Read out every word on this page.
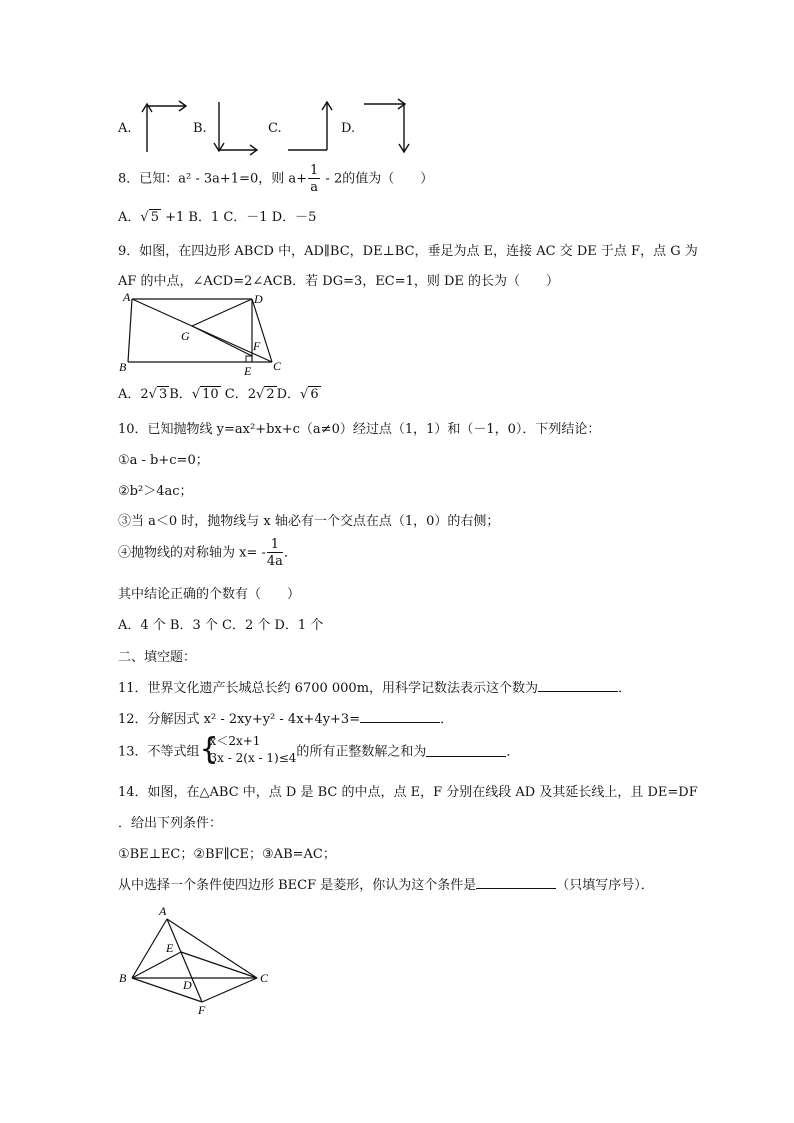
A.	B.	C.	D.
8．已知：a² - 3a+1=0，则 $a+ \frac{1}{a} - 2$的值为（　　）
A．√ 5 +1 B．1 C．－1 D．－5
9．如图，在四边形 ABCD 中，AD∥BC，DE⊥BC，垂足为点 E，连接 AC 交 DE 于点 F，点 G 为
AF 的中点，∠ACD=2∠ACB．若 DG=3，EC=1，则 DE 的长为（　　）
A	D
G
F
B	E C
A．2√ 3 B．√ 10 C．2√ 2 D．√ 6
10．已知抛物线 y=ax²+bx+c（a≠0）经过点（1，1）和（－1，0）．下列结论：
①a - b+c=0；
②b²＞4ac；
③当 a＜0 时，抛物线与 x 轴必有一个交点在点（1，0）的右侧；
④抛物线的对称轴为 $x= - \frac{1}{4a}$ ．
其中结论正确的个数有（　　）
A．4 个 B．3 个 C．2 个 D．1 个
二、填空题：
11．世界文化遗产长城总长约 6700 000m，用科学记数法表示这个数为	．
12．分解因式 x² - 2xy+y² - 4x+4y+3=	．
13．不等式组 {
x＜2x+1
3x - 2(x - 1)≤4 的所有正整数解之和为	．
14．如图，在△ABC 中，点 D 是 BC 的中点，点 E，F 分别在线段 AD 及其延长线上，且 DE=DF
．给出下列条件：
①BE⊥EC；②BF∥CE；③AB=AC；
从中选择一个条件使四边形 BECF 是菱形，你认为这个条件是	（只填写序号）．
A
E
B	D	C
F
